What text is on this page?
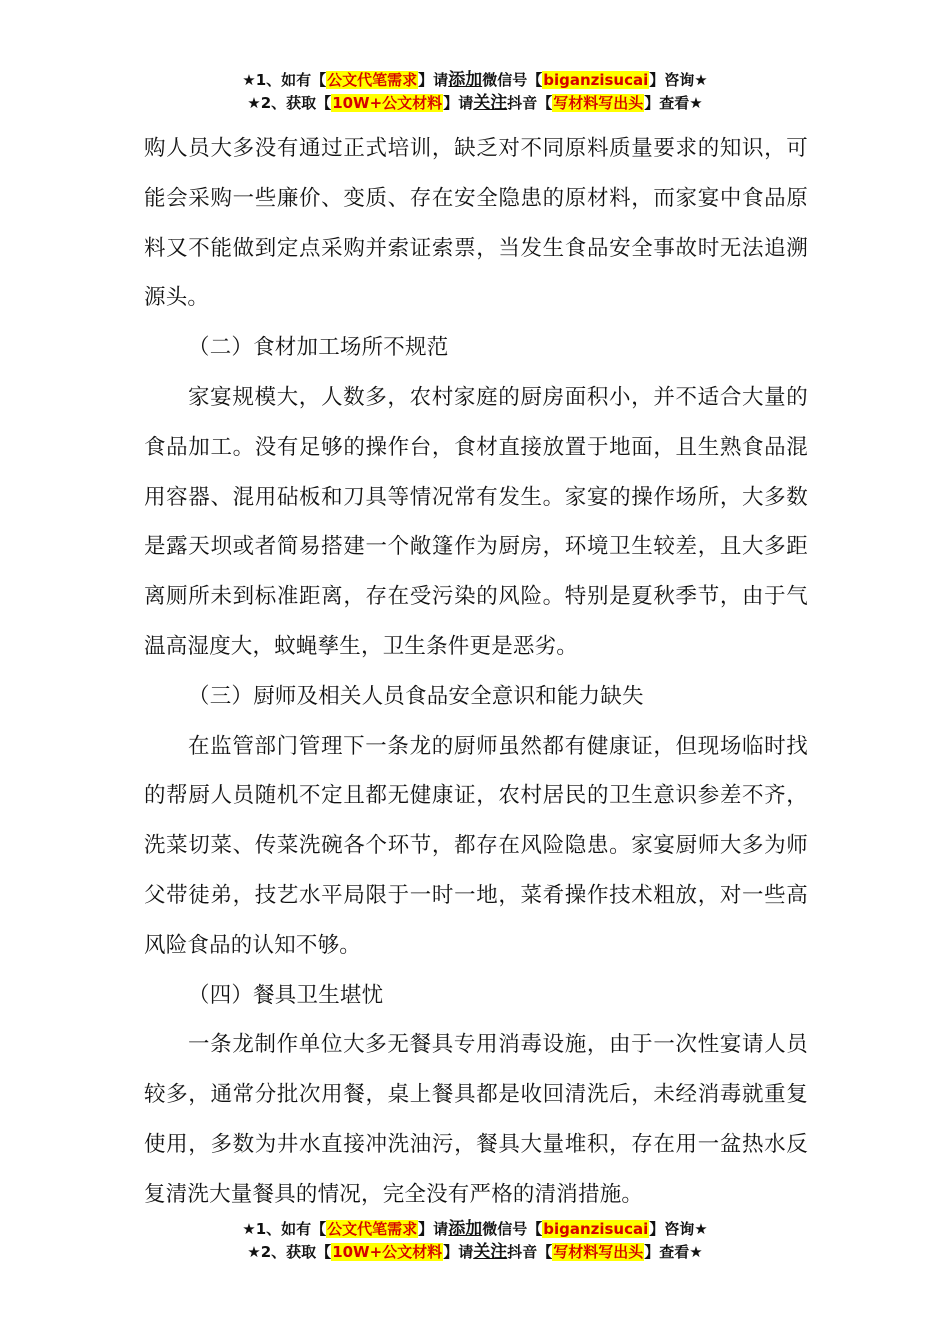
★1、如有【公文代笔需求】请添加微信号【biganzisucai】咨询★
★2、获取【10W+公文材料】请关注抖音【写材料写出头】查看★

购人员大多没有通过正式培训，缺乏对不同原料质量要求的知识，可能会采购一些廉价、变质、存在安全隐患的原材料，而家宴中食品原料又不能做到定点采购并索证索票，当发生食品安全事故时无法追溯源头。

（二）食材加工场所不规范

家宴规模大，人数多，农村家庭的厨房面积小，并不适合大量的食品加工。没有足够的操作台，食材直接放置于地面，且生熟食品混用容器、混用砧板和刀具等情况常有发生。家宴的操作场所，大多数是露天坝或者简易搭建一个敞篷作为厨房，环境卫生较差，且大多距离厕所未到标准距离，存在受污染的风险。特别是夏秋季节，由于气温高湿度大，蚊蝇孳生，卫生条件更是恶劣。

（三）厨师及相关人员食品安全意识和能力缺失

在监管部门管理下一条龙的厨师虽然都有健康证，但现场临时找的帮厨人员随机不定且都无健康证，农村居民的卫生意识参差不齐，洗菜切菜、传菜洗碗各个环节，都存在风险隐患。家宴厨师大多为师父带徒弟，技艺水平局限于一时一地，菜肴操作技术粗放，对一些高风险食品的认知不够。

（四）餐具卫生堪忧

一条龙制作单位大多无餐具专用消毒设施，由于一次性宴请人员较多，通常分批次用餐，桌上餐具都是收回清洗后，未经消毒就重复使用，多数为井水直接冲洗油污，餐具大量堆积，存在用一盆热水反复清洗大量餐具的情况，完全没有严格的清消措施。

★1、如有【公文代笔需求】请添加微信号【biganzisucai】咨询★
★2、获取【10W+公文材料】请关注抖音【写材料写出头】查看★
